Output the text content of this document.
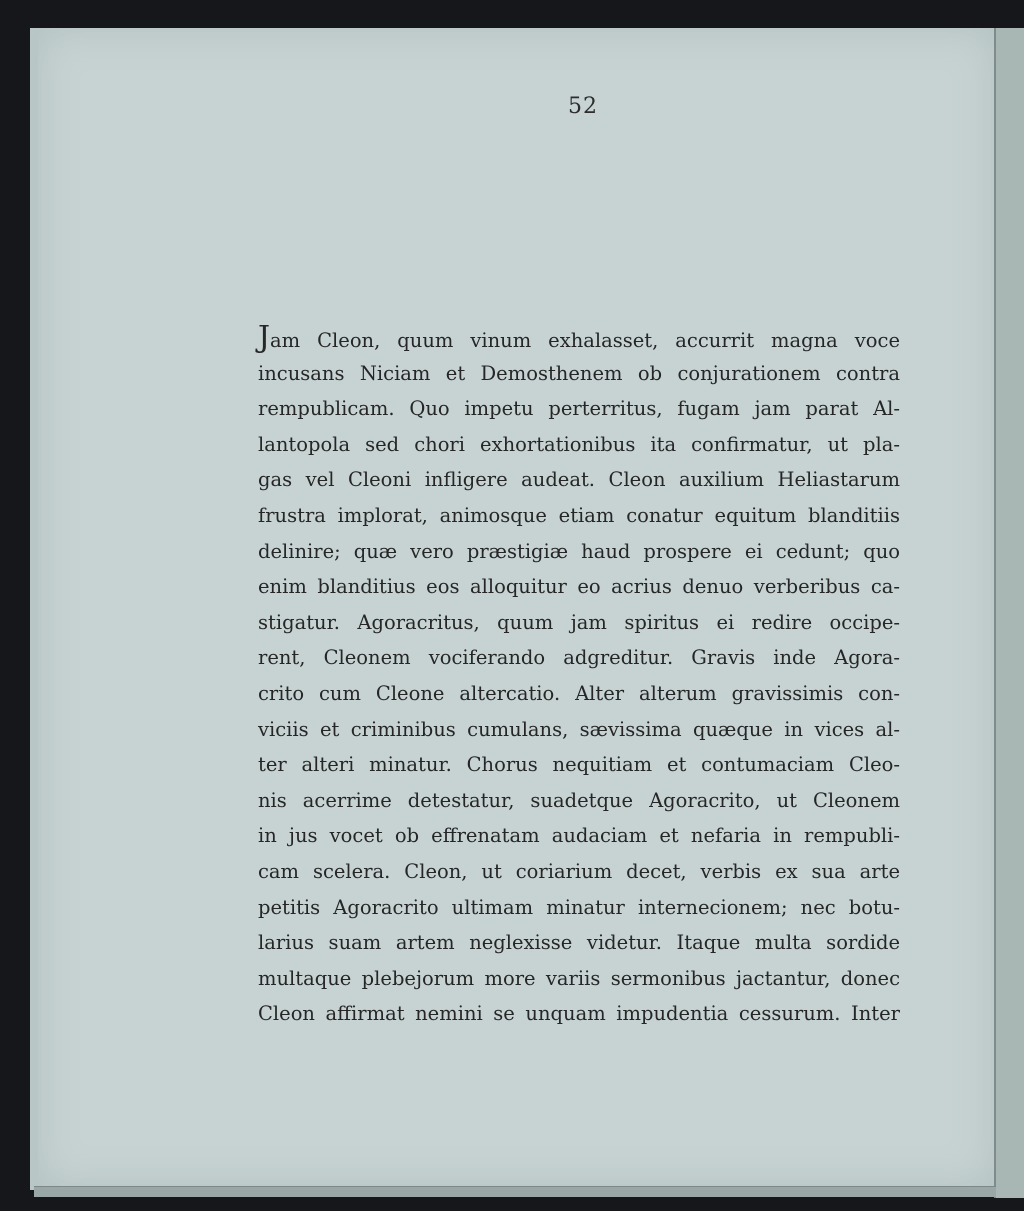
52
Jam Cleon, quum vinum exhalasset, accurrit magna voce
incusans Niciam et Demosthenem ob conjurationem contra
rempublicam. Quo impetu perterritus, fugam jam parat Al-
lantopola sed chori exhortationibus ita confirmatur, ut pla-
gas vel Cleoni infligere audeat. Cleon auxilium Heliastarum
frustra implorat, animosque etiam conatur equitum blanditiis
delinire; quæ vero præstigiæ haud prospere ei cedunt; quo
enim blanditius eos alloquitur eo acrius denuo verberibus ca-
stigatur. Agoracritus, quum jam spiritus ei redire occipe-
rent, Cleonem vociferando adgreditur. Gravis inde Agora-
crito cum Cleone altercatio. Alter alterum gravissimis con-
viciis et criminibus cumulans, sævissima quæque in vices al-
ter alteri minatur. Chorus nequitiam et contumaciam Cleo-
nis acerrime detestatur, suadetque Agoracrito, ut Cleonem
in jus vocet ob effrenatam audaciam et nefaria in rempubli-
cam scelera. Cleon, ut coriarium decet, verbis ex sua arte
petitis Agoracrito ultimam minatur internecionem; nec botu-
larius suam artem neglexisse videtur. Itaque multa sordide
multaque plebejorum more variis sermonibus jactantur, donec
Cleon affirmat nemini se unquam impudentia cessurum. Inter
